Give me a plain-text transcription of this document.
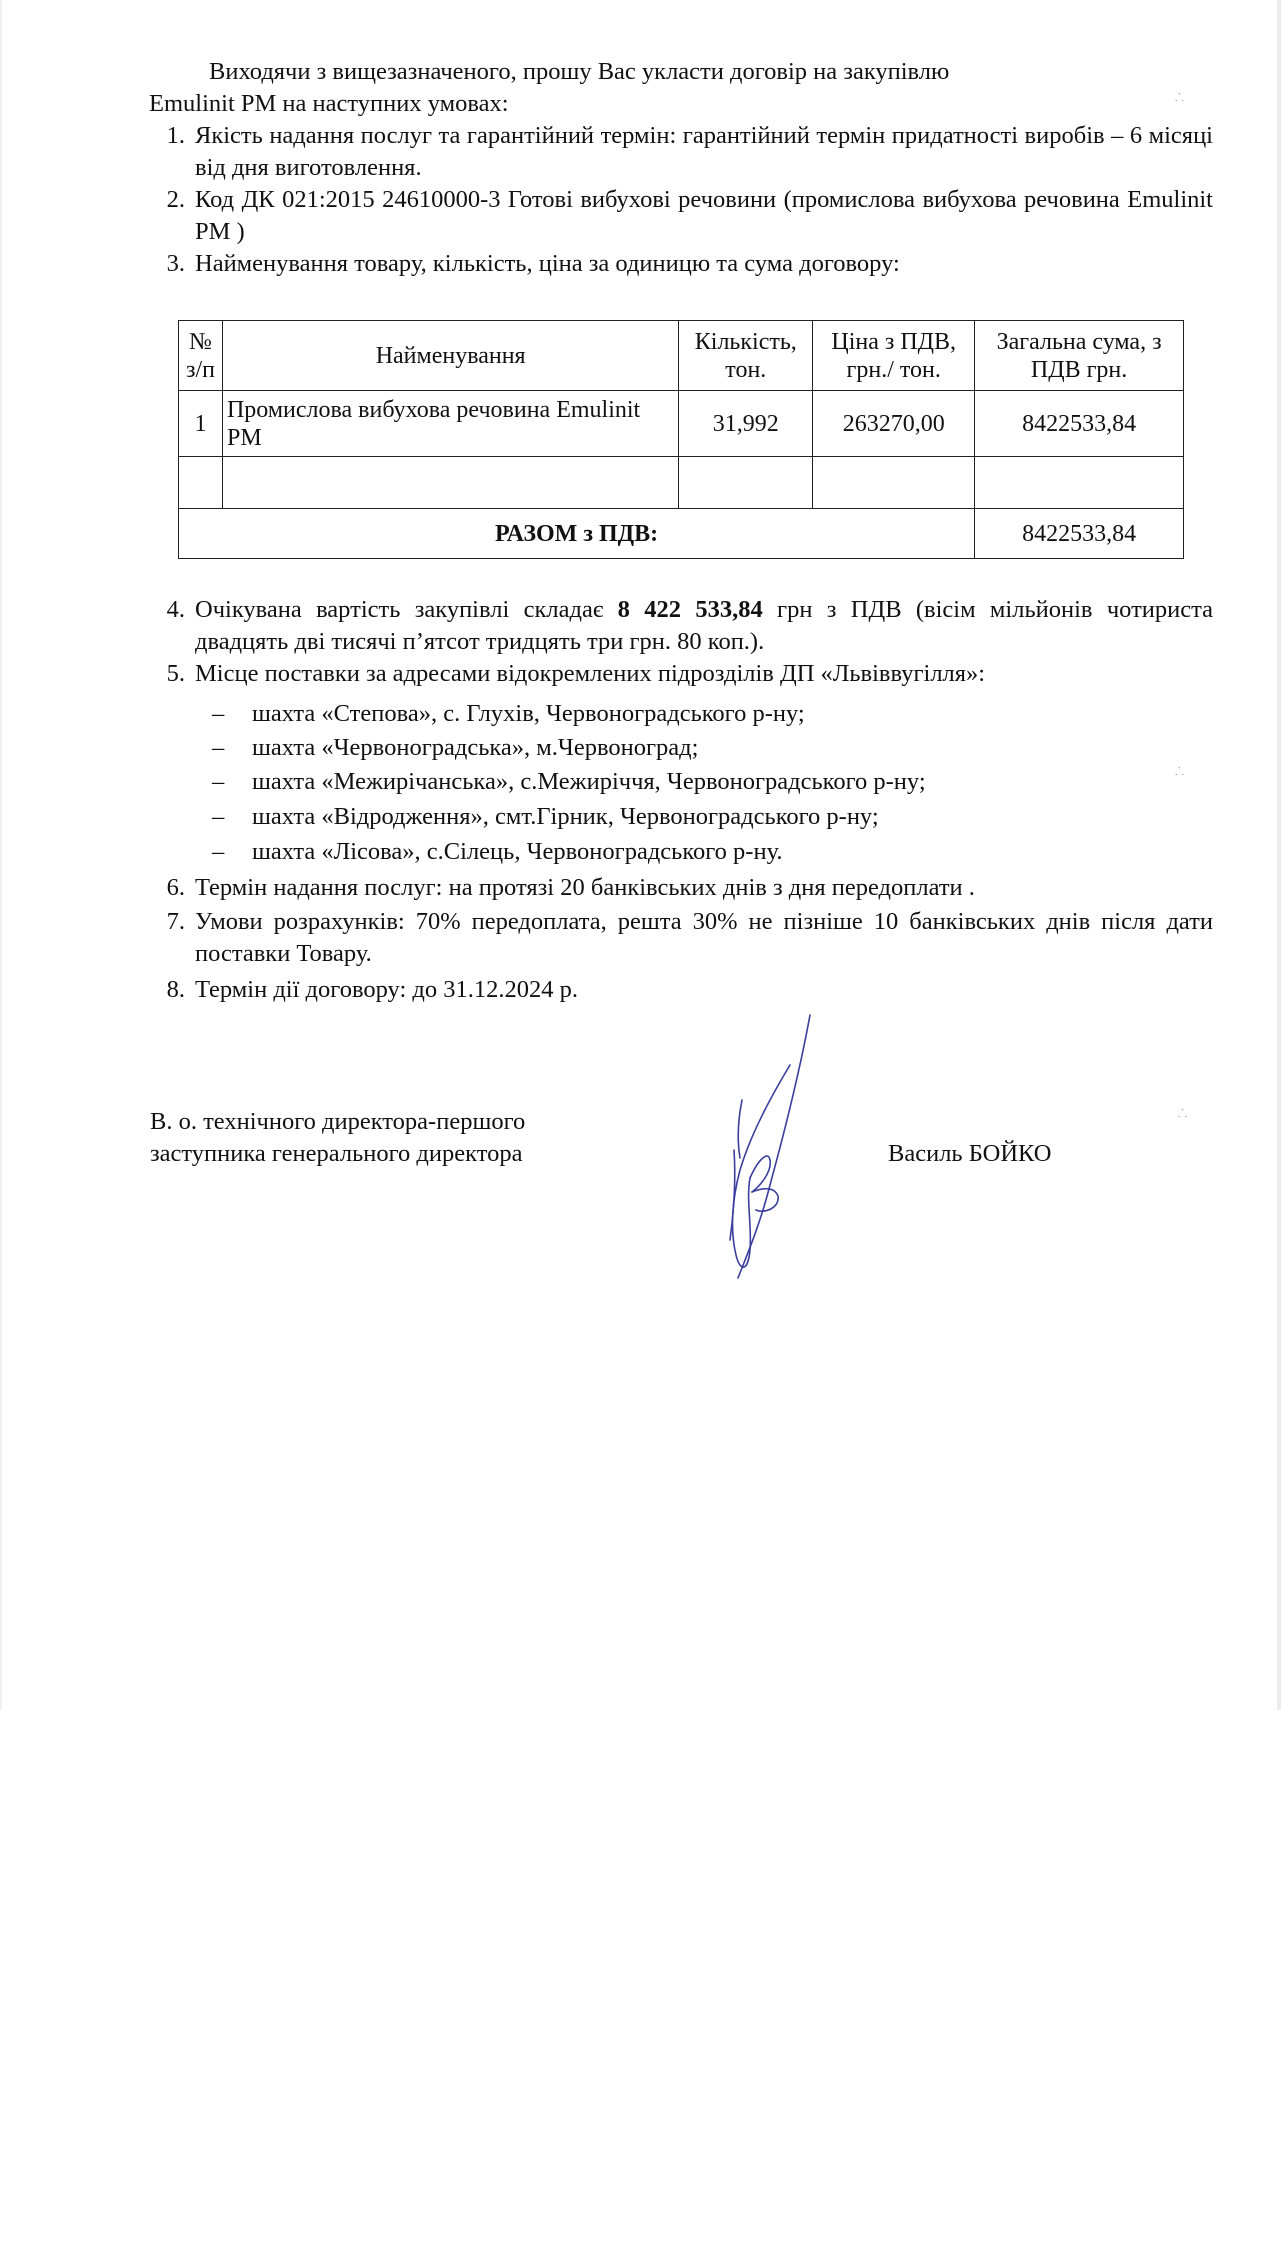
⸫
⸫
⸫
Виходячи з вищезазначеного, прошу Вас укласти договір на закупівлю
Emulinit PM на наступних умовах:
1. Якість надання послуг та гарантійний термін: гарантійний термін придатності виробів – 6 місяці від дня виготовлення.
2. Код ДК 021:2015 24610000-3 Готові вибухові речовини (промислова вибухова речовина Emulinit PM )
3. Найменування товару, кількість, ціна за одиницю та сума договору:
№ з/п	Найменування	Кількість, тон.	Ціна з ПДВ, грн./ тон.	Загальна сума, з ПДВ грн.
1	Промислова вибухова речовина Emulinit PM	31,992	263270,00	8422533,84

РАЗОМ з ПДВ:				8422533,84
4. Очікувана вартість закупівлі складає 8 422 533,84 грн з ПДВ (вісім мільйонів чотириста двадцять дві тисячі п’ятсот тридцять три грн. 80 коп.).
5. Місце поставки за адресами відокремлених підрозділів ДП «Львіввугілля»:
– шахта «Степова», с. Глухів, Червоноградського р-ну;
– шахта «Червоноградська», м.Червоноград;
– шахта «Межирічанська», с.Межиріччя, Червоноградського р-ну;
– шахта «Відродження», смт.Гірник, Червоноградського р-ну;
– шахта «Лісова», с.Сілець, Червоноградського р-ну.
6. Термін надання послуг: на протязі 20 банківських днів з дня передоплати .
7. Умови розрахунків: 70% передоплата, решта 30% не пізніше 10 банківських днів після дати поставки Товару.
8. Термін дії договору: до 31.12.2024 р.
В. о. технічного директора-першого
заступника генерального директора	Василь БОЙКО
